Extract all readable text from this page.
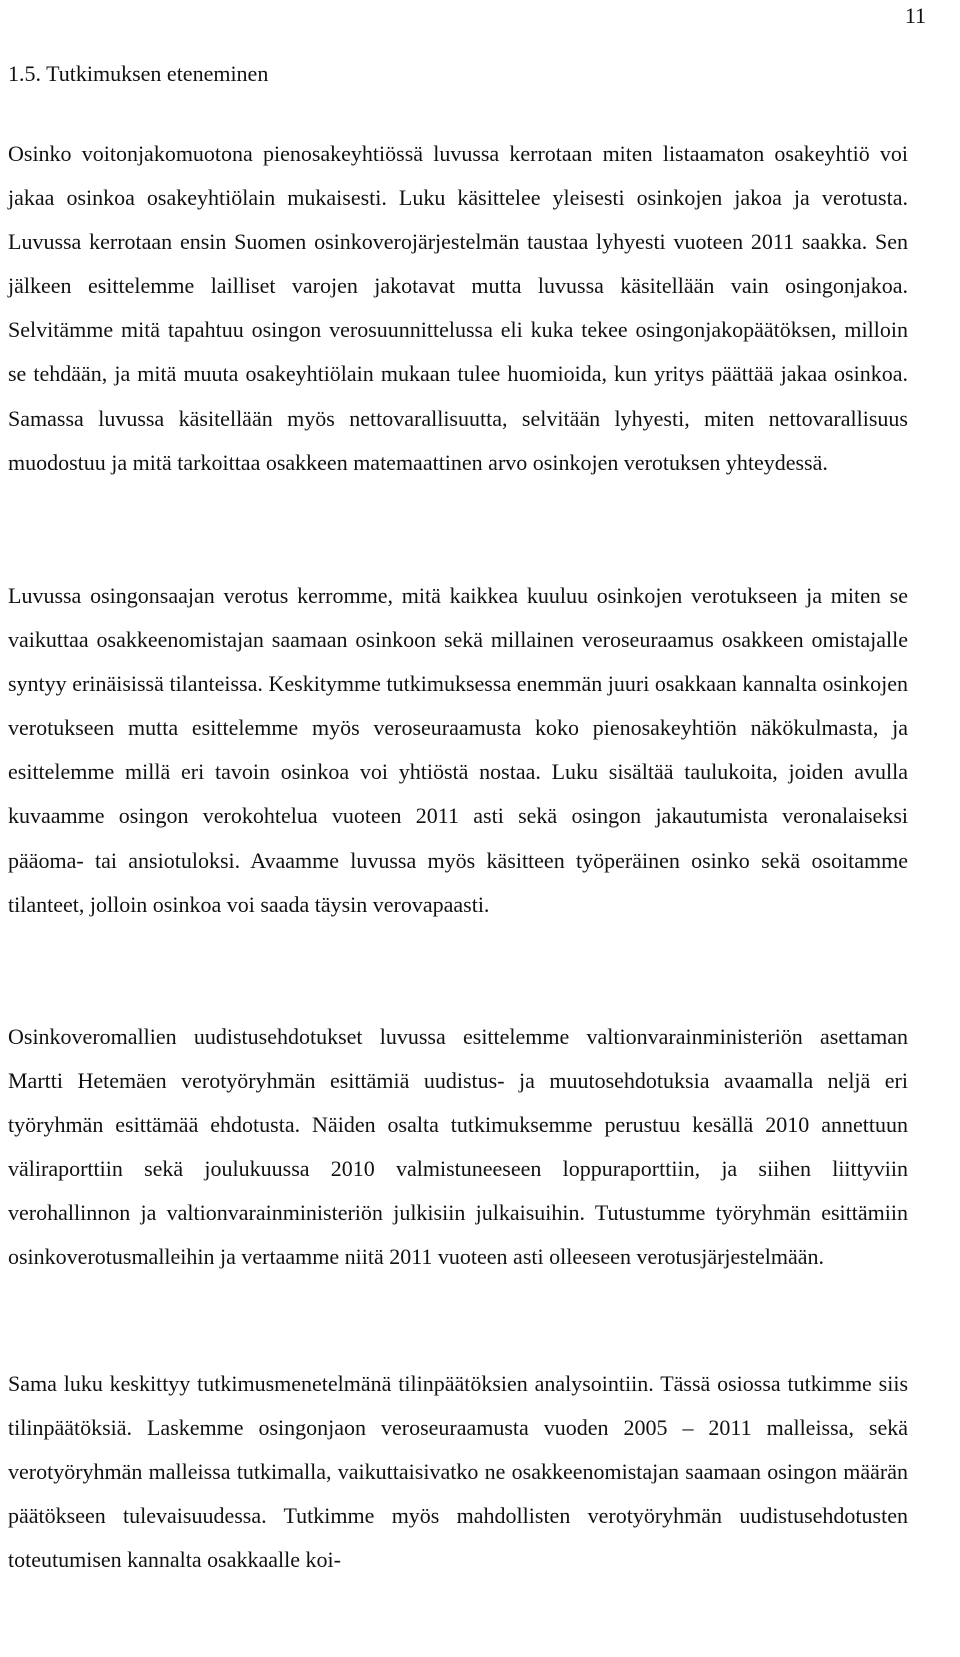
11
1.5. Tutkimuksen eteneminen

Osinko voitonjakomuotona pienosakeyhtiössä luvussa kerrotaan miten listaamaton osakeyhtiö voi jakaa osinkoa osakeyhtiölain mukaisesti. Luku käsittelee yleisesti osinkojen jakoa ja verotusta. Luvussa kerrotaan ensin Suomen osinkoverojärjestelmän taustaa lyhyesti vuoteen 2011 saakka. Sen jälkeen esittelemme lailliset varojen jakotavat mutta luvussa käsitellään vain osingonjakoa. Selvitämme mitä tapahtuu osingon verosuunnittelussa eli kuka tekee osingonjakopäätöksen, milloin se tehdään, ja mitä muuta osakeyhtiölain mukaan tulee huomioida, kun yritys päättää jakaa osinkoa. Samassa luvussa käsitellään myös nettovarallisuutta, selvitään lyhyesti, miten nettovarallisuus muodostuu ja mitä tarkoittaa osakkeen matemaattinen arvo osinkojen verotuksen yhteydessä.

Luvussa osingonsaajan verotus kerromme, mitä kaikkea kuuluu osinkojen verotukseen ja miten se vaikuttaa osakkeenomistajan saamaan osinkoon sekä millainen veroseuraamus osakkeen omistajalle syntyy erinäisissä tilanteissa. Keskitymme tutkimuksessa enemmän juuri osakkaan kannalta osinkojen verotukseen mutta esittelemme myös veroseuraamusta koko pienosakeyhtiön näkökulmasta, ja esittelemme millä eri tavoin osinkoa voi yhtiöstä nostaa. Luku sisältää taulukoita, joiden avulla kuvaamme osingon verokohtelua vuoteen 2011 asti sekä osingon jakautumista veronalaiseksi pääoma- tai ansiotuloksi. Avaamme luvussa myös käsitteen työperäinen osinko sekä osoitamme tilanteet, jolloin osinkoa voi saada täysin verovapaasti.

Osinkoveromallien uudistusehdotukset luvussa esittelemme valtionvarainministeriön asettaman Martti Hetemäen verotyöryhmän esittämiä uudistus- ja muutosehdotuksia avaamalla neljä eri työryhmän esittämää ehdotusta. Näiden osalta tutkimuksemme perustuu kesällä 2010 annettuun väliraporttiin sekä joulukuussa 2010 valmistuneeseen loppuraporttiin, ja siihen liittyviin verohallinnon ja valtionvarainministeriön julkisiin julkaisuihin. Tutustumme työryhmän esittämiin osinkoverotusmalleihin ja vertaamme niitä 2011 vuoteen asti olleeseen verotusjärjestelmään.

Sama luku keskittyy tutkimusmenetelmänä tilinpäätöksien analysointiin. Tässä osiossa tutkimme siis tilinpäätöksiä. Laskemme osingonjaon veroseuraamusta vuoden 2005 – 2011 malleissa, sekä verotyöryhmän malleissa tutkimalla, vaikuttaisivatko ne osakkeenomistajan saamaan osingon määrän päätökseen tulevaisuudessa. Tutkimme myös mahdollisten verotyöryhmän uudistusehdotusten toteutumisen kannalta osakkaalle koi-
